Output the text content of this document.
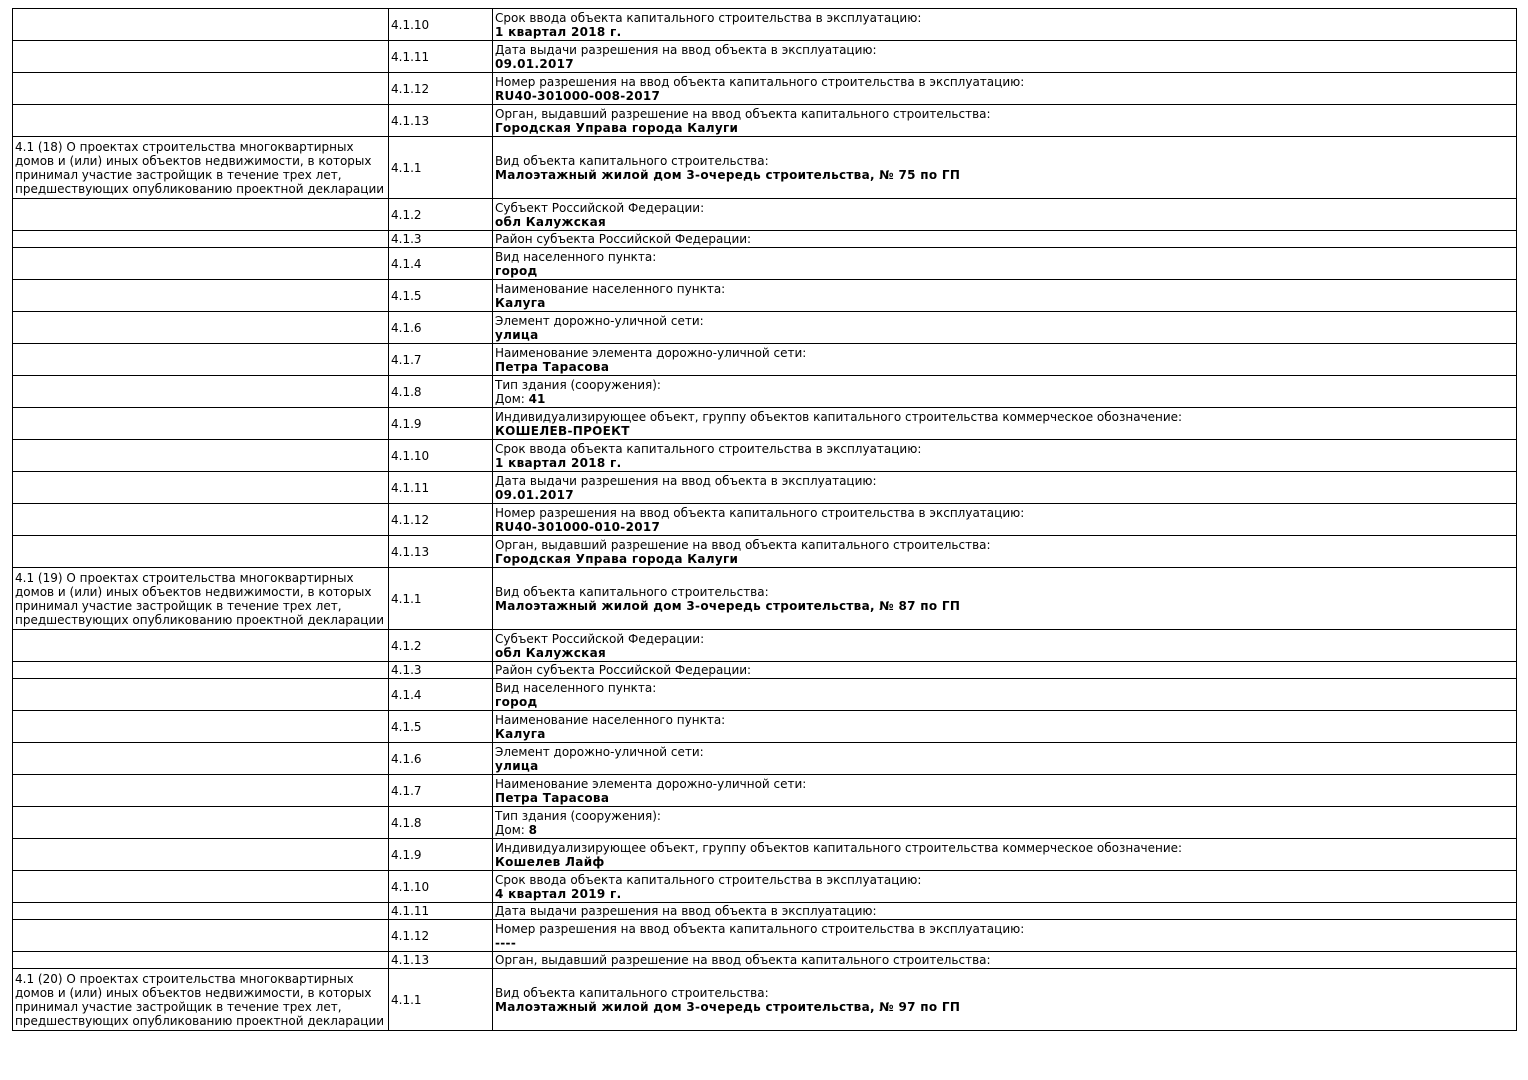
	4.1.10	Срок ввода объекта капитального строительства в эксплуатацию:
1 квартал 2018 г.

	4.1.11	Дата выдачи разрешения на ввод объекта в эксплуатацию:
09.01.2017

	4.1.12	Номер разрешения на ввод объекта капитального строительства в эксплуатацию:
RU40-301000-008-2017

	4.1.13	Орган, выдавший разрешение на ввод объекта капитального строительства:
Городская Управа города Калуги

4.1 (18) О проектах строительства многоквартирных домов и (или) иных объектов недвижимости, в которых принимал участие застройщик в течение трех лет, предшествующих опубликованию проектной декларации	4.1.1	Вид объекта капитального строительства:
Малоэтажный жилой дом 3-очередь строительства, № 75 по ГП

	4.1.2	Субъект Российской Федерации:
обл Калужская

	4.1.3	Район субъекта Российской Федерации:

	4.1.4	Вид населенного пункта:
город

	4.1.5	Наименование населенного пункта:
Калуга

	4.1.6	Элемент дорожно-уличной сети:
улица

	4.1.7	Наименование элемента дорожно-уличной сети:
Петра Тарасова

	4.1.8	Тип здания (сооружения):
Дом: 41

	4.1.9	Индивидуализирующее объект, группу объектов капитального строительства коммерческое обозначение:
КОШЕЛЕВ-ПРОЕКТ

	4.1.10	Срок ввода объекта капитального строительства в эксплуатацию:
1 квартал 2018 г.

	4.1.11	Дата выдачи разрешения на ввод объекта в эксплуатацию:
09.01.2017

	4.1.12	Номер разрешения на ввод объекта капитального строительства в эксплуатацию:
RU40-301000-010-2017

	4.1.13	Орган, выдавший разрешение на ввод объекта капитального строительства:
Городская Управа города Калуги

4.1 (19) О проектах строительства многоквартирных домов и (или) иных объектов недвижимости, в которых принимал участие застройщик в течение трех лет, предшествующих опубликованию проектной декларации	4.1.1	Вид объекта капитального строительства:
Малоэтажный жилой дом 3-очередь строительства, № 87 по ГП

	4.1.2	Субъект Российской Федерации:
обл Калужская

	4.1.3	Район субъекта Российской Федерации:

	4.1.4	Вид населенного пункта:
город

	4.1.5	Наименование населенного пункта:
Калуга

	4.1.6	Элемент дорожно-уличной сети:
улица

	4.1.7	Наименование элемента дорожно-уличной сети:
Петра Тарасова

	4.1.8	Тип здания (сооружения):
Дом: 8

	4.1.9	Индивидуализирующее объект, группу объектов капитального строительства коммерческое обозначение:
Кошелев Лайф

	4.1.10	Срок ввода объекта капитального строительства в эксплуатацию:
4 квартал 2019 г.

	4.1.11	Дата выдачи разрешения на ввод объекта в эксплуатацию:

	4.1.12	Номер разрешения на ввод объекта капитального строительства в эксплуатацию:
----

	4.1.13	Орган, выдавший разрешение на ввод объекта капитального строительства:

4.1 (20) О проектах строительства многоквартирных домов и (или) иных объектов недвижимости, в которых принимал участие застройщик в течение трех лет, предшествующих опубликованию проектной декларации	4.1.1	Вид объекта капитального строительства:
Малоэтажный жилой дом 3-очередь строительства, № 97 по ГП
